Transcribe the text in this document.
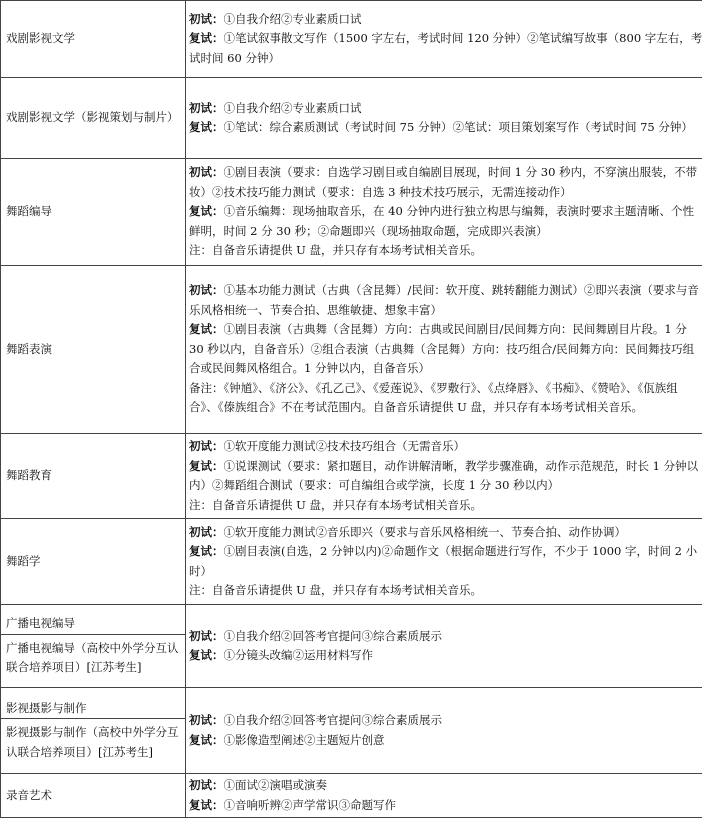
戏剧影视文学	初试：①自我介绍②专业素质口试
复试：①笔试叙事散文写作（1500 字左右，考试时间 120 分钟）②笔试编写故事（800 字左右，考试时间 60 分钟）

戏剧影视文学（影视策划与制片）	初试：①自我介绍②专业素质口试
复试：①笔试：综合素质测试（考试时间 75 分钟）②笔试：项目策划案写作（考试时间 75 分钟）

舞蹈编导	初试：①剧目表演（要求：自选学习剧目或自编剧目展现，时间 1 分 30 秒内，不穿演出服装，不带妆）②技术技巧能力测试（要求：自选 3 种技术技巧展示，无需连接动作）
复试：①音乐编舞：现场抽取音乐，在 40 分钟内进行独立构思与编舞，表演时要求主题清晰、个性鲜明，时间 2 分 30 秒；②命题即兴（现场抽取命题，完成即兴表演）
注：自备音乐请提供 U 盘，并只存有本场考试相关音乐。

舞蹈表演	初试：①基本功能力测试（古典（含昆舞）/民间：软开度、跳转翻能力测试）②即兴表演（要求与音乐风格相统一、节奏合拍、思维敏捷、想象丰富）
复试：①剧目表演（古典舞（含昆舞）方向：古典或民间剧目/民间舞方向：民间舞剧目片段。1 分 30 秒以内，自备音乐）②组合表演（古典舞（含昆舞）方向：技巧组合/民间舞方向：民间舞技巧组合或民间舞风格组合。1 分钟以内，自备音乐）
备注：《钟馗》、《济公》、《孔乙己》、《爱莲说》、《罗敷行》、《点绛唇》、《书痴》、《赞哈》、《佤族组合》、《傣族组合》不在考试范围内。自备音乐请提供 U 盘，并只存有本场考试相关音乐。

舞蹈教育	初试：①软开度能力测试②技术技巧组合（无需音乐）
复试：①说课测试（要求：紧扣题目，动作讲解清晰，教学步骤准确，动作示范规范，时长 1 分钟以内）②舞蹈组合测试（要求：可自编组合或学演，长度 1 分 30 秒以内）
注：自备音乐请提供 U 盘，并只存有本场考试相关音乐。

舞蹈学	初试：①软开度能力测试②音乐即兴（要求与音乐风格相统一、节奏合拍、动作协调）
复试：①剧目表演(自选，2 分钟以内)②命题作文（根据命题进行写作，不少于 1000 字，时间 2 小时）
注：自备音乐请提供 U 盘，并只存有本场考试相关音乐。

广播电视编导
广播电视编导（高校中外学分互认联合培养项目）[江苏考生]	初试：①自我介绍②回答考官提问③综合素质展示
复试：①分镜头改编②运用材料写作

影视摄影与制作
影视摄影与制作（高校中外学分互认联合培养项目）[江苏考生]	初试：①自我介绍②回答考官提问③综合素质展示
复试：①影像造型阐述②主题短片创意

录音艺术	初试：①面试②演唱或演奏
复试：①音响听辨②声学常识③命题写作
